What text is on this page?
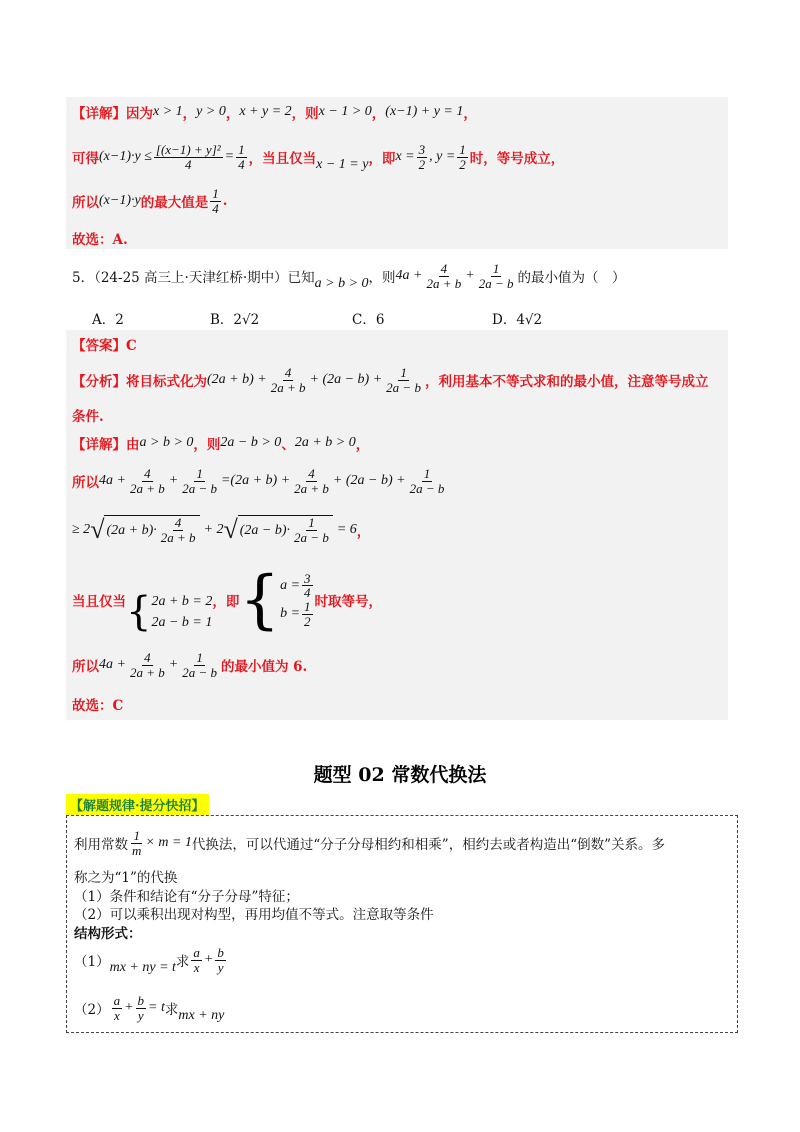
【详解】因为 x > 1 ， y > 0 ， x + y = 2 ，则 x − 1 > 0 ， (x−1) + y = 1 ，
可得 $(x-1)\cdot y \le \frac{\text{[(x−1) + y]²}}{4} = \frac{1}{4}$ ，当且仅当 x − 1 = y ，即 $x = \frac{3}{2}$ , $y = \frac{1}{2}$ 时，等号成立，
所以 (x−1)·y 的最大值是 $\frac{1}{4}$ .
故选：A.
5．（24-25 高三上·天津红桥·期中）已知 a > b > 0 ，则 $4a + \frac{4}{2a + b} + \frac{1}{2a - b}$ 的最小值为（　）
A．2	B．2√2	C．6	D．4√2
【答案】C
【分析】将目标式化为 $(2a + b) + \frac{4}{2a + b} + (2a - b) + \frac{1}{2a - b}$ ，利用基本不等式求和的最小值，注意等号成立
条件.
【详解】由 a > b > 0 ，则 2a − b > 0 、 2a + b > 0 ，
所以 $4a + \frac{4}{2a + b} + \frac{1}{2a - b} =(2a + b) + \frac{4}{2a + b} + (2a - b) + \frac{1}{2a - b}$
≥ 2 √ $(2a + b)\cdot \frac{4}{2a + b} + 2$ √ $(2a - b)\cdot \frac{1}{2a - b} = 6$ ，
当且仅当 { 2a + b = 2
2a − b = 1
，即 { $a = \frac{3}{4}$
$b = \frac{1}{2}$ 时取等号，
所以 $4a + \frac{4}{2a + b} + \frac{1}{2a - b}$ 的最小值为 6.
故选：C
题型 02 常数代换法
【解题规律·提分快招】
利用常数 $\frac{1}{m} \times m = 1$ 代换法，可以代通过“分子分母相约和相乘”，相约去或者构造出“倒数”关系。多
称之为“1”的代换
（1）条件和结论有“分子分母”特征；
（2）可以乘积出现对构型，再用均值不等式。注意取等条件
结构形式：
（1） mx + ny = t 求 $\frac{a}{x} + \frac{b}{y}$
$(2) \frac{a}{x} + \frac{b}{y} = t$ 求 mx + ny
